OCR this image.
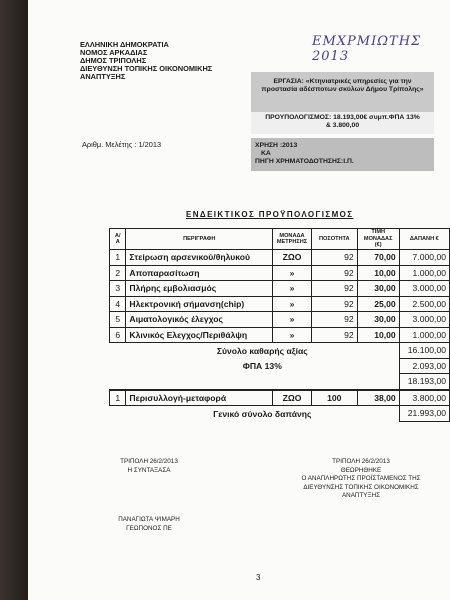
ΕΜΧΡΜΙΩΤΗΣ 2013
ΕΛΛΗΝΙΚΗ ΔΗΜΟΚΡΑΤΙΑ
ΝΟΜΟΣ ΑΡΚΑΔΙΑΣ
ΔΗΜΟΣ ΤΡΙΠΟΛΗΣ
ΔΙΕΥΘΥΝΣΗ ΤΟΠΙΚΗΣ ΟΙΚΟΝΟΜΙΚΗΣ
ΑΝΑΠΤΥΞΗΣ
Αριθμ. Μελέτης : 1/2013
ΕΡΓΑΣΙΑ: «Κτηνιατρικές υπηρεσίες για την
προστασία αδέσποτων σκύλων Δήμου Τρίπολης»
ΠΡΟΥΠΟΛΟΓΙΣΜΟΣ: 18.193,00€ συμπ.ΦΠΑ 13%
& 3.800,00
ΧΡΗΣΗ :2013
ΚΑ
ΠΗΓΗ ΧΡΗΜΑΤΟΔΟΤΗΣΗΣ:Ι.Π.
ΕΝΔΕΙΚΤΙΚΟΣ ΠΡΟΫΠΟΛΟΓΙΣΜΟΣ
Α/Α	ΠΕΡΙΓΡΑΦΗ	ΜΟΝΑΔΑ ΜΕΤΡΗΣΗΣ	ΠΟΣΟΤΗΤΑ	ΤΙΜΗ ΜΟΝΑΔΑΣ (€)	ΔΑΠΑΝΗ €
1	Στείρωση αρσενικού/θηλυκού	ΖΩΟ	92	70,00	7.000,00
2	Αποπαρασίτωση	»	92	10,00	1.000,00
3	Πλήρης εμβολιασμός	»	92	30,00	3.000,00
4	Ηλεκτρονική σήμανση(chip)	»	92	25,00	2.500,00
5	Αιματολογικός έλεγχος	»	92	30,00	3.000,00
6	Κλινικός Ελεγχος/Περιθάλψη	»	92	10,00	1.000,00
	Σύνολο καθαρής αξίας				16.100,00
	ΦΠΑ 13%				2.093,00
					18.193,00
1	Περισυλλογή-μεταφορά	ΖΩΟ	100	38,00	3.800,00
	Γενικό σύνολο δαπάνης				21.993,00
ΤΡΙΠΟΛΗ 26/2/2013
Η ΣΥΝΤΑΞΑΣΑ
ΠΑΝΑΓΙΩΤΑ ΨΙΜΑΡΗ
ΓΕΩΠΟΝΟΣ ΠΕ
ΤΡΙΠΟΛΗ 26/2/2013
ΘΕΩΡΗΘΗΚΕ
Ο ΑΝΑΠΛΗΡΩΤΗΣ ΠΡΟΪΣΤΑΜΕΝΟΣ ΤΗΣ
ΔΙΕΥΘΥΝΣΗΣ ΤΟΠΙΚΗΣ ΟΙΚΟΝΟΜΙΚΗΣ
ΑΝΑΠΤΥΞΗΣ
3
